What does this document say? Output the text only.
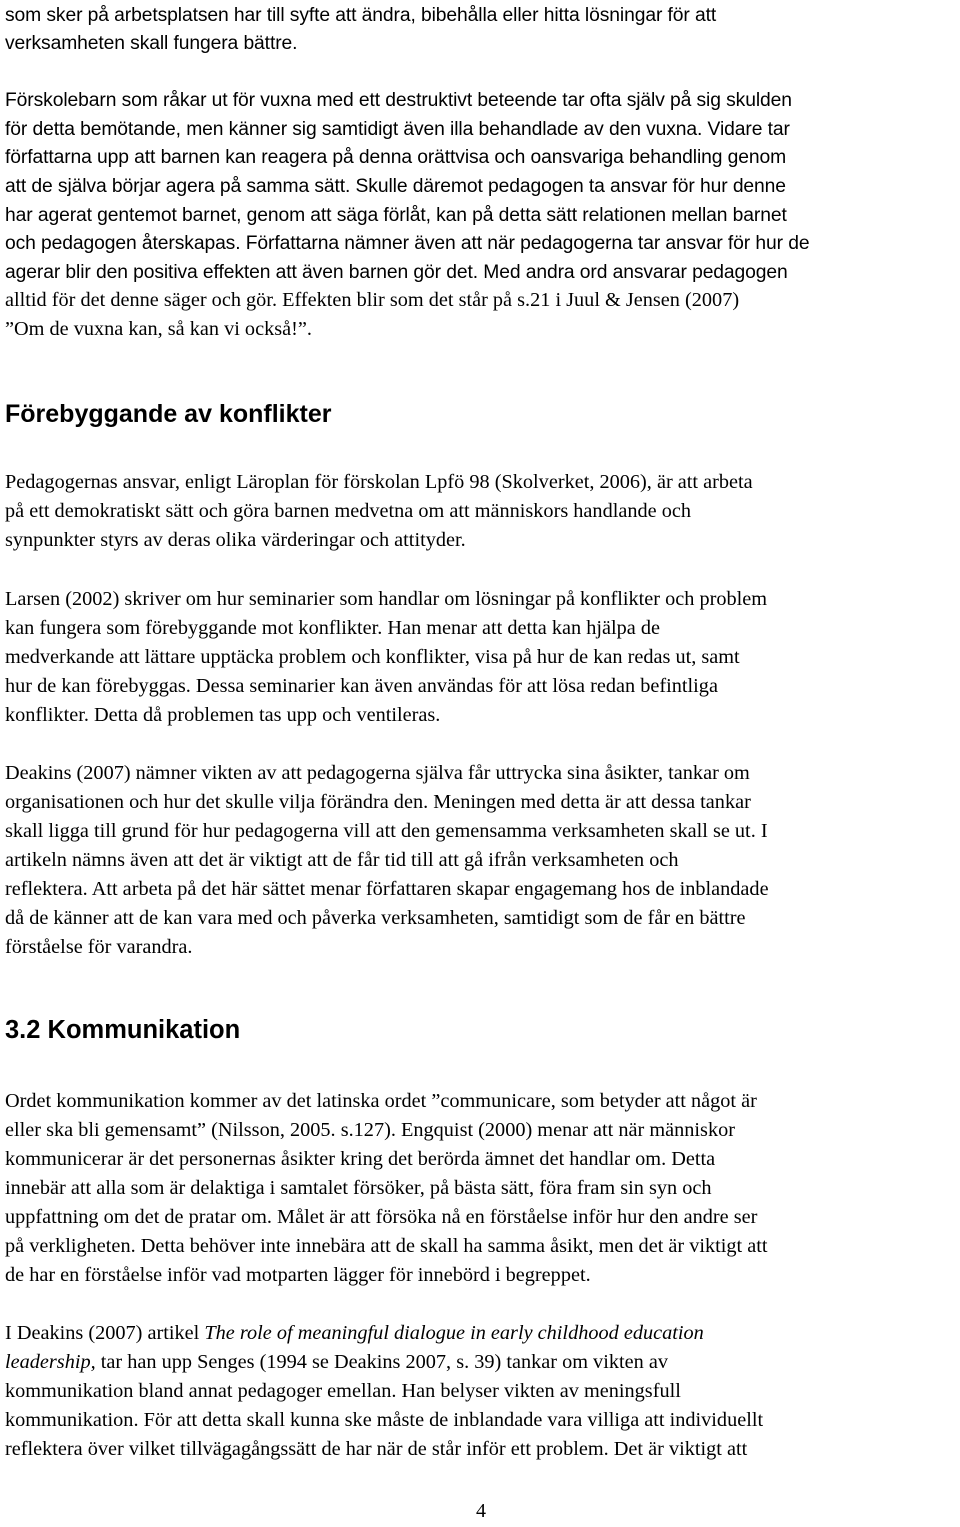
som sker på arbetsplatsen har till syfte att ändra, bibehålla eller hitta lösningar för att
verksamheten skall fungera bättre.
Förskolebarn som råkar ut för vuxna med ett destruktivt beteende tar ofta själv på sig skulden
för detta bemötande, men känner sig samtidigt även illa behandlade av den vuxna. Vidare tar
författarna upp att barnen kan reagera på denna orättvisa och oansvariga behandling genom
att de själva börjar agera på samma sätt. Skulle däremot pedagogen ta ansvar för hur denne
har agerat gentemot barnet, genom att säga förlåt, kan på detta sätt relationen mellan barnet
och pedagogen återskapas. Författarna nämner även att när pedagogerna tar ansvar för hur de
agerar blir den positiva effekten att även barnen gör det. Med andra ord ansvarar pedagogen
alltid för det denne säger och gör. Effekten blir som det står på s.21 i Juul & Jensen (2007)
”Om de vuxna kan, så kan vi också!”.
Förebyggande av konflikter
Pedagogernas ansvar, enligt Läroplan för förskolan Lpfö 98 (Skolverket, 2006), är att arbeta
på ett demokratiskt sätt och göra barnen medvetna om att människors handlande och
synpunkter styrs av deras olika värderingar och attityder.
Larsen (2002) skriver om hur seminarier som handlar om lösningar på konflikter och problem
kan fungera som förebyggande mot konflikter. Han menar att detta kan hjälpa de
medverkande att lättare upptäcka problem och konflikter, visa på hur de kan redas ut, samt
hur de kan förebyggas. Dessa seminarier kan även användas för att lösa redan befintliga
konflikter. Detta då problemen tas upp och ventileras.
Deakins (2007) nämner vikten av att pedagogerna själva får uttrycka sina åsikter, tankar om
organisationen och hur det skulle vilja förändra den. Meningen med detta är att dessa tankar
skall ligga till grund för hur pedagogerna vill att den gemensamma verksamheten skall se ut. I
artikeln nämns även att det är viktigt att de får tid till att gå ifrån verksamheten och
reflektera. Att arbeta på det här sättet menar författaren skapar engagemang hos de inblandade
då de känner att de kan vara med och påverka verksamheten, samtidigt som de får en bättre
förståelse för varandra.
3.2 Kommunikation
Ordet kommunikation kommer av det latinska ordet ”communicare, som betyder att något är
eller ska bli gemensamt” (Nilsson, 2005. s.127). Engquist (2000) menar att när människor
kommunicerar är det personernas åsikter kring det berörda ämnet det handlar om. Detta
innebär att alla som är delaktiga i samtalet försöker, på bästa sätt, föra fram sin syn och
uppfattning om det de pratar om. Målet är att försöka nå en förståelse inför hur den andre ser
på verkligheten. Detta behöver inte innebära att de skall ha samma åsikt, men det är viktigt att
de har en förståelse inför vad motparten lägger för innebörd i begreppet.
I Deakins (2007) artikel The role of meaningful dialogue in early childhood education
leadership, tar han upp Senges (1994 se Deakins 2007, s. 39) tankar om vikten av
kommunikation bland annat pedagoger emellan. Han belyser vikten av meningsfull
kommunikation. För att detta skall kunna ske måste de inblandade vara villiga att individuellt
reflektera över vilket tillvägagångssätt de har när de står inför ett problem. Det är viktigt att
4
